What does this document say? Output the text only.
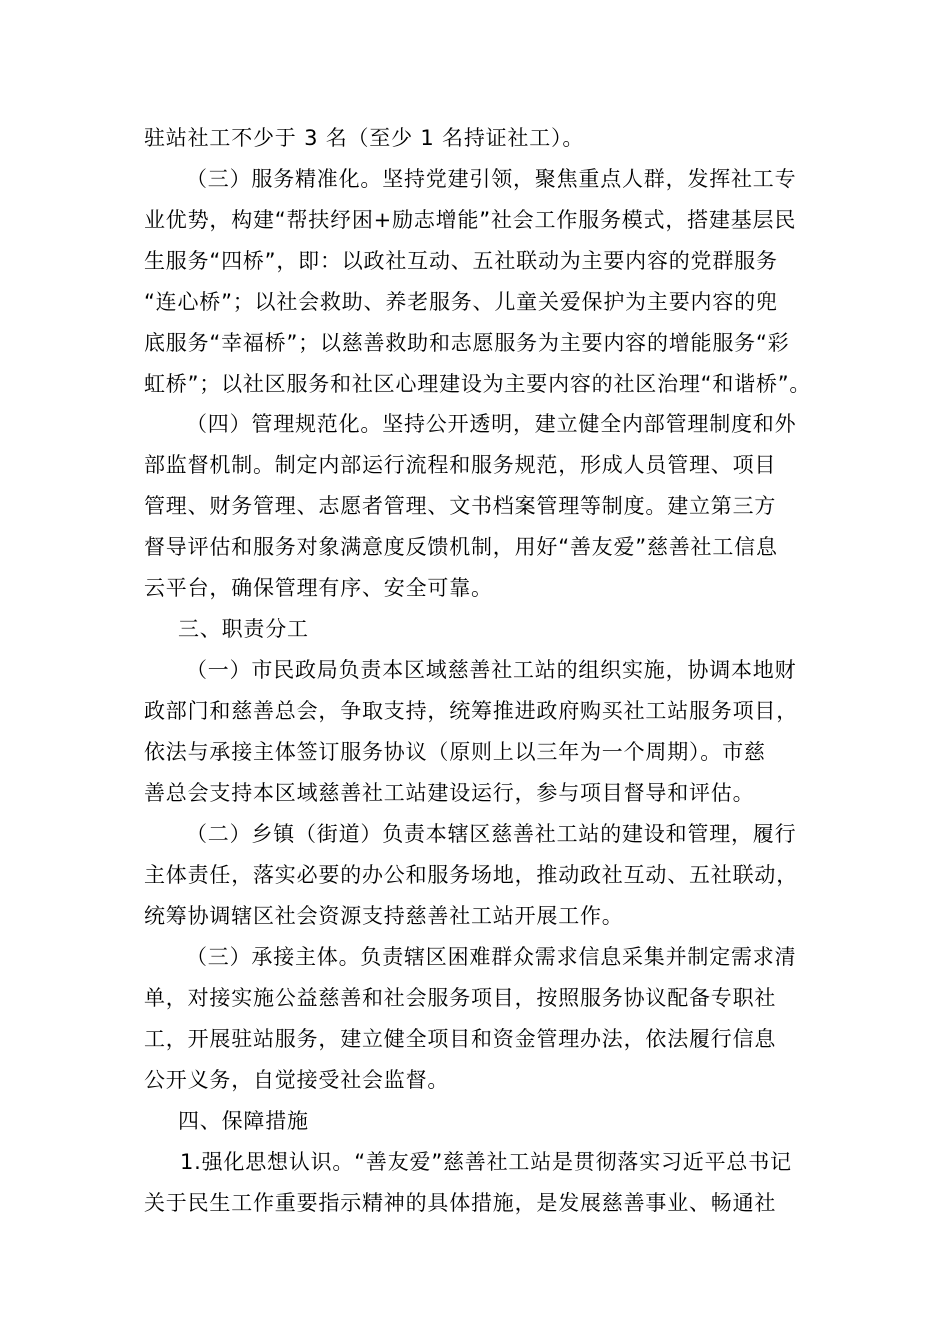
驻站社工不少于 3 名（至少 1 名持证社工）。
（三）服务精准化。坚持党建引领，聚焦重点人群，发挥社工专
业优势，构建“帮扶纾困+励志增能”社会工作服务模式，搭建基层民
生服务“四桥”，即：以政社互动、五社联动为主要内容的党群服务
“连心桥”；以社会救助、养老服务、儿童关爱保护为主要内容的兜
底服务“幸福桥”；以慈善救助和志愿服务为主要内容的增能服务“彩
虹桥”；以社区服务和社区心理建设为主要内容的社区治理“和谐桥”。
（四）管理规范化。坚持公开透明，建立健全内部管理制度和外
部监督机制。制定内部运行流程和服务规范，形成人员管理、项目
管理、财务管理、志愿者管理、文书档案管理等制度。建立第三方
督导评估和服务对象满意度反馈机制，用好“善友爱”慈善社工信息
云平台，确保管理有序、安全可靠。
三、职责分工
（一）市民政局负责本区域慈善社工站的组织实施，协调本地财
政部门和慈善总会，争取支持，统筹推进政府购买社工站服务项目，
依法与承接主体签订服务协议（原则上以三年为一个周期）。市慈
善总会支持本区域慈善社工站建设运行，参与项目督导和评估。
（二）乡镇（街道）负责本辖区慈善社工站的建设和管理，履行
主体责任，落实必要的办公和服务场地，推动政社互动、五社联动，
统筹协调辖区社会资源支持慈善社工站开展工作。
（三）承接主体。负责辖区困难群众需求信息采集并制定需求清
单，对接实施公益慈善和社会服务项目，按照服务协议配备专职社
工，开展驻站服务，建立健全项目和资金管理办法，依法履行信息
公开义务，自觉接受社会监督。
四、保障措施
1.强化思想认识。“善友爱”慈善社工站是贯彻落实习近平总书记
关于民生工作重要指示精神的具体措施，是发展慈善事业、畅通社
